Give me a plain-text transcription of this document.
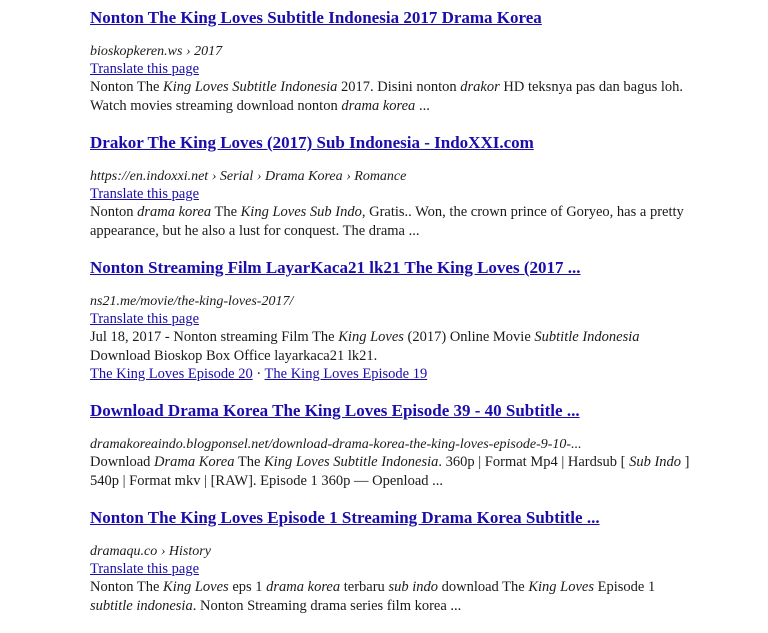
Nonton The King Loves Subtitle Indonesia 2017 Drama Korea
bioskopkeren.ws › 2017
Translate this page
Nonton The King Loves Subtitle Indonesia 2017. Disini nonton drakor HD teksnya pas dan bagus loh. Watch movies streaming download nonton drama korea ...
Drakor The King Loves (2017) Sub Indonesia - IndoXXI.com
https://en.indoxxi.net › Serial › Drama Korea › Romance
Translate this page
Nonton drama korea The King Loves Sub Indo, Gratis.. Won, the crown prince of Goryeo, has a pretty appearance, but he also a lust for conquest. The drama ...
Nonton Streaming Film LayarKaca21 lk21 The King Loves (2017 ...
ns21.me/movie/the-king-loves-2017/
Translate this page
Jul 18, 2017 - Nonton streaming Film The King Loves (2017) Online Movie Subtitle Indonesia Download Bioskop Box Office layarkaca21 lk21.
The King Loves Episode 20 · The King Loves Episode 19
Download Drama Korea The King Loves Episode 39 - 40 Subtitle ...
dramakoreaindo.blogponsel.net/download-drama-korea-the-king-loves-episode-9-10-...
Download Drama Korea The King Loves Subtitle Indonesia. 360p | Format Mp4 | Hardsub [ Sub Indo ] 540p | Format mkv | [RAW]. Episode 1 360p — Openload ...
Nonton The King Loves Episode 1 Streaming Drama Korea Subtitle ...
dramaqu.co › History
Translate this page
Nonton The King Loves eps 1 drama korea terbaru sub indo download The King Loves Episode 1 subtitle indonesia. Nonton Streaming drama series film korea ...
